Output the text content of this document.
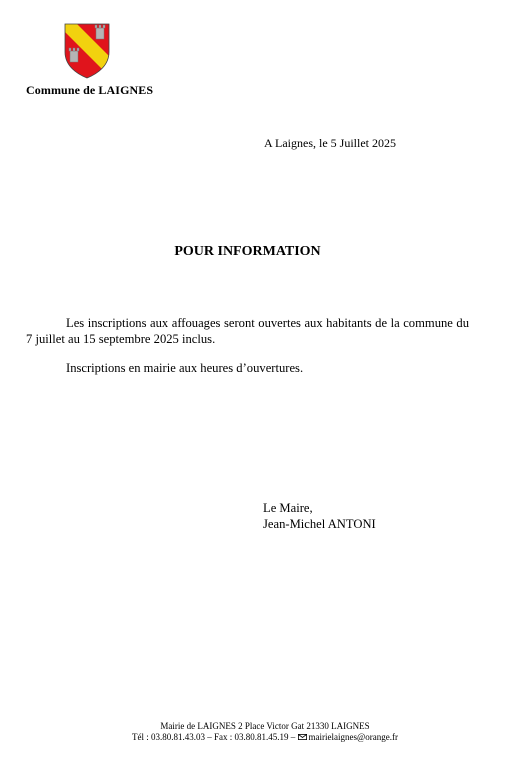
Commune de LAIGNES
A Laignes, le 5 Juillet 2025
POUR INFORMATION
Les inscriptions aux affouages seront ouvertes aux habitants de la commune du 7 juillet au 15 septembre 2025 inclus.
Inscriptions en mairie aux heures d’ouvertures.
Le Maire,
Jean-Michel ANTONI
Mairie de LAIGNES 2 Place Victor Gat 21330 LAIGNES
Tél : 03.80.81.43.03 – Fax : 03.80.81.45.19 – mairielaignes@orange.fr
